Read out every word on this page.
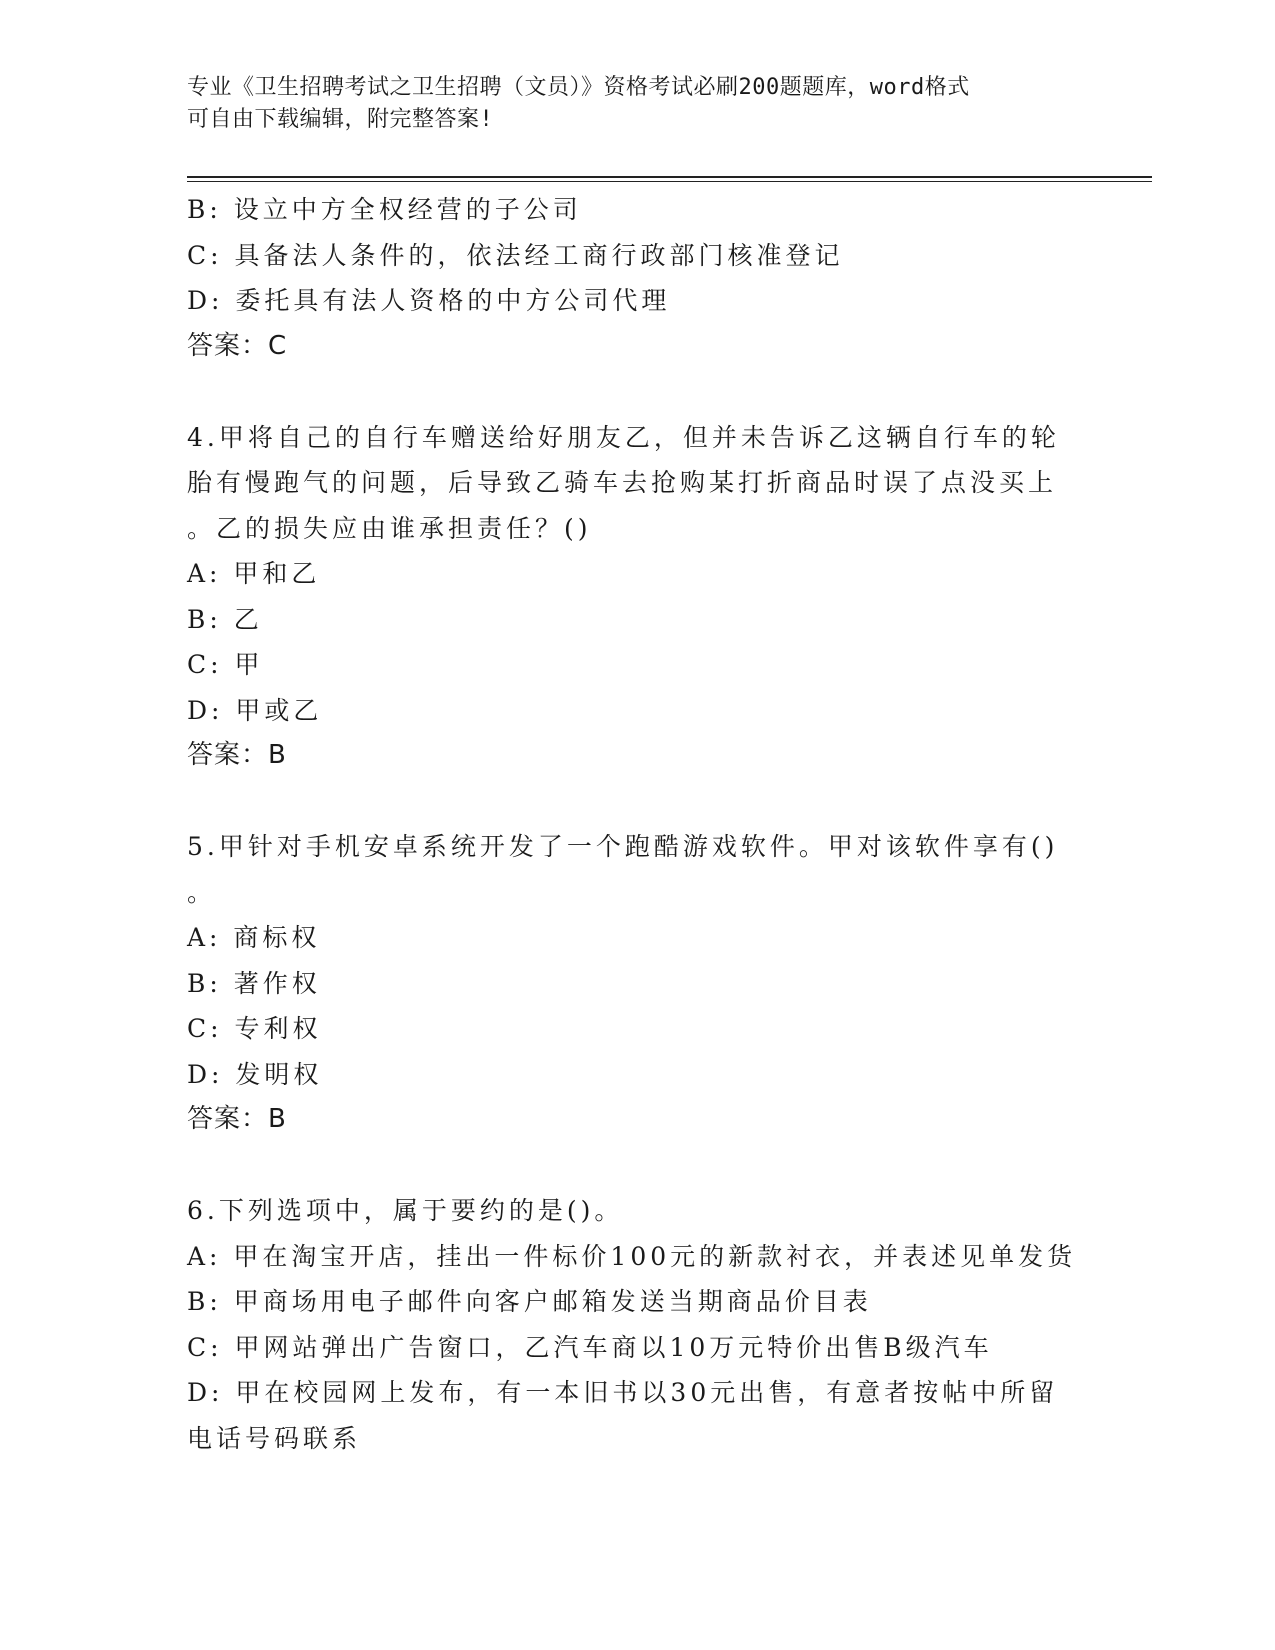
专业《卫生招聘考试之卫生招聘（文员）》资格考试必刷200题题库，word格式
可自由下载编辑，附完整答案!
B: 设立中方全权经营的子公司
C: 具备法人条件的，依法经工商行政部门核准登记
D: 委托具有法人资格的中方公司代理
答案：C
4.甲将自己的自行车赠送给好朋友乙，但并未告诉乙这辆自行车的轮
胎有慢跑气的问题，后导致乙骑车去抢购某打折商品时误了点没买上
。乙的损失应由谁承担责任？()
A: 甲和乙
B: 乙
C: 甲
D: 甲或乙
答案：B
5.甲针对手机安卓系统开发了一个跑酷游戏软件。甲对该软件享有()
。
A: 商标权
B: 著作权
C: 专利权
D: 发明权
答案：B
6.下列选项中，属于要约的是()。
A: 甲在淘宝开店，挂出一件标价100元的新款衬衣，并表述见单发货
B: 甲商场用电子邮件向客户邮箱发送当期商品价目表
C: 甲网站弹出广告窗口，乙汽车商以10万元特价出售B级汽车
D: 甲在校园网上发布，有一本旧书以30元出售，有意者按帖中所留
电话号码联系
